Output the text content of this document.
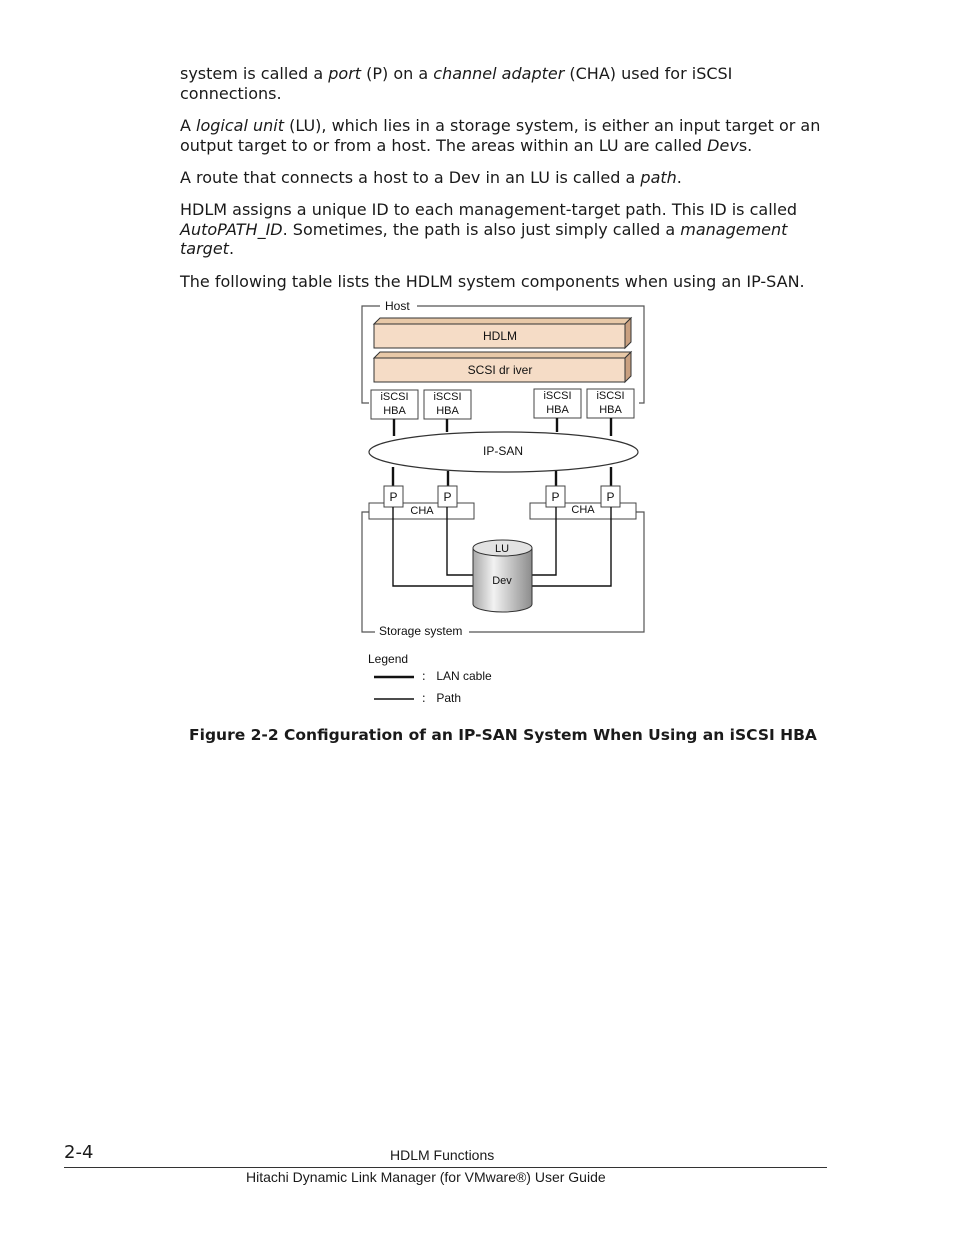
system is called a port (P) on a channel adapter (CHA) used for iSCSI connections.

A logical unit (LU), which lies in a storage system, is either an input target or an output target to or from a host. The areas within an LU are called Devs.

A route that connects a host to a Dev in an LU is called a path.

HDLM assigns a unique ID to each management-target path. This ID is called AutoPATH_ID. Sometimes, the path is also just simply called a management target.

The following table lists the HDLM system components when using an IP-SAN.

Host
HDLM
SCSI dr iver
iSCSI
HBA
iSCSI
HBA
iSCSI
HBA
iSCSI
HBA
IP-SAN
Storage system
CHA	CHA
P	P	P	P
LU
Dev
Legend
： LAN cable
： Path
Figure 2-2 Configuration of an IP-SAN System When Using an iSCSI HBA
2-4	HDLM Functions
Hitachi Dynamic Link Manager (for VMware®) User Guide
